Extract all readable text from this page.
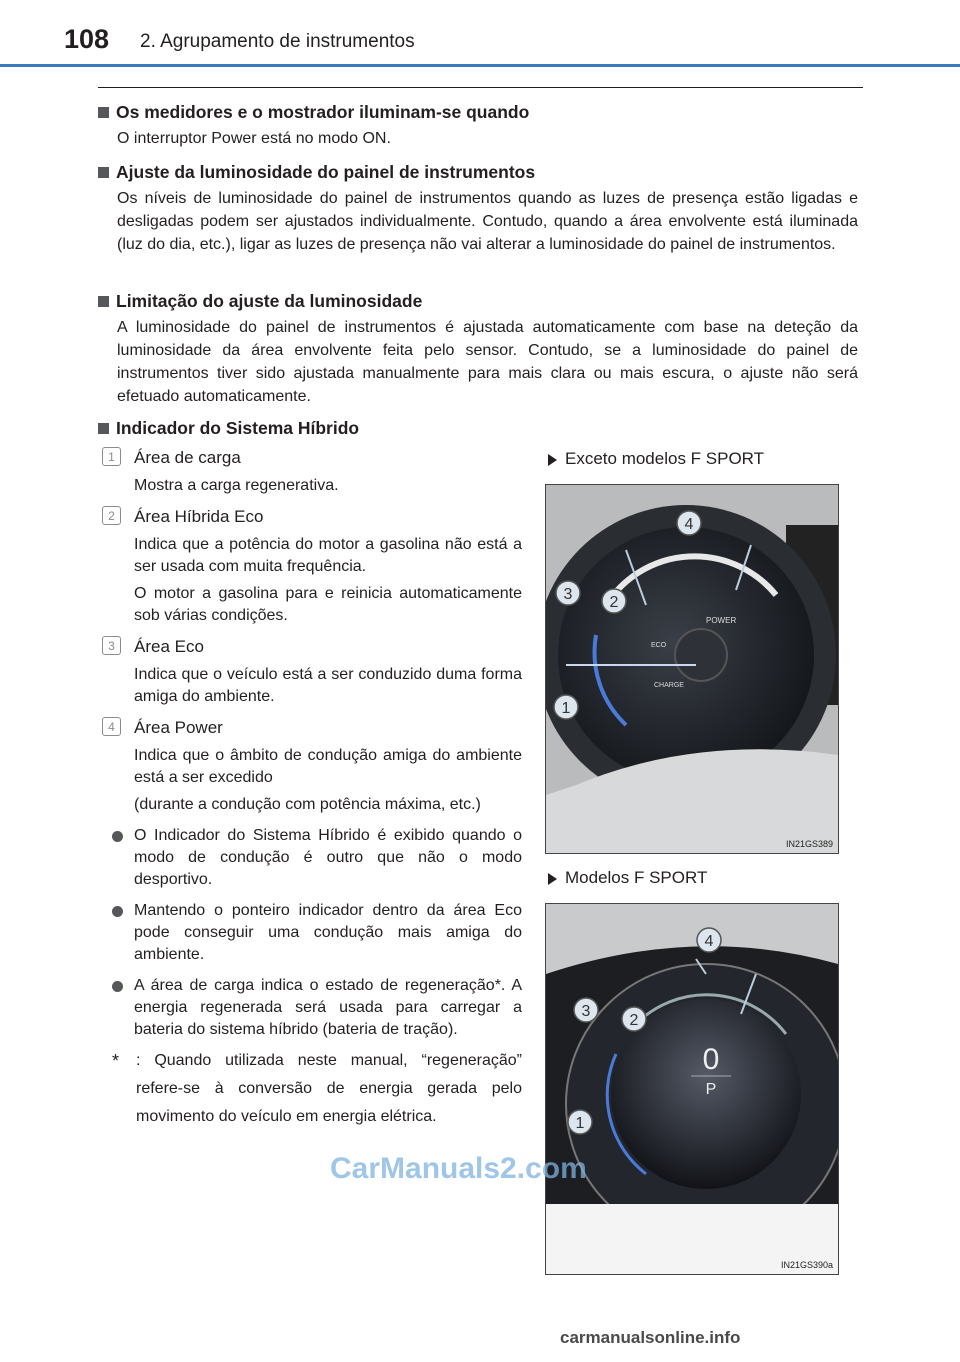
108 2. Agrupamento de instrumentos
Os medidores e o mostrador iluminam-se quando

O interruptor Power está no modo ON.

Ajuste da luminosidade do painel de instrumentos

Os níveis de luminosidade do painel de instrumentos quando as luzes de presença estão ligadas e desligadas podem ser ajustados individualmente. Contudo, quando a área envolvente está iluminada (luz do dia, etc.), ligar as luzes de presença não vai alterar a luminosidade do painel de instrumentos.

Limitação do ajuste da luminosidade

A luminosidade do painel de instrumentos é ajustada automaticamente com base na deteção da luminosidade da área envolvente feita pelo sensor. Contudo, se a luminosidade do painel de instrumentos tiver sido ajustada manualmente para mais clara ou mais escura, o ajuste não será efetuado automaticamente.

Indicador do Sistema Híbrido
1	Área de carga
Mostra a carga regenerativa.
2	Área Híbrida Eco
Indica que a potência do motor a gasolina não está a ser usada com muita frequência.
O motor a gasolina para e reinicia automaticamente sob várias condições.
3	Área Eco
Indica que o veículo está a ser conduzido duma forma amiga do ambiente.
4	Área Power
Indica que o âmbito de condução amiga do ambiente está a ser excedido
(durante a condução com potência máxima, etc.)
O Indicador do Sistema Híbrido é exibido quando o modo de condução é outro que não o modo desportivo.
Mantendo o ponteiro indicador dentro da área Eco pode conseguir uma condução mais amiga do ambiente.
A área de carga indica o estado de regeneração*. A energia regenerada será usada para carregar a bateria do sistema híbrido (bateria de tração).
* : Quando utilizada neste manual, “regeneração” refere-se à conversão de energia gerada pelo movimento do veículo em energia elétrica.
Exceto modelos F SPORT
POWER
ECO
CHARGE
4
3 2
1
IN21GS389
Modelos F SPORT
0
P
4
3
2
1
IN21GS390a
CarManuals2.com
carmanualsonline.info
